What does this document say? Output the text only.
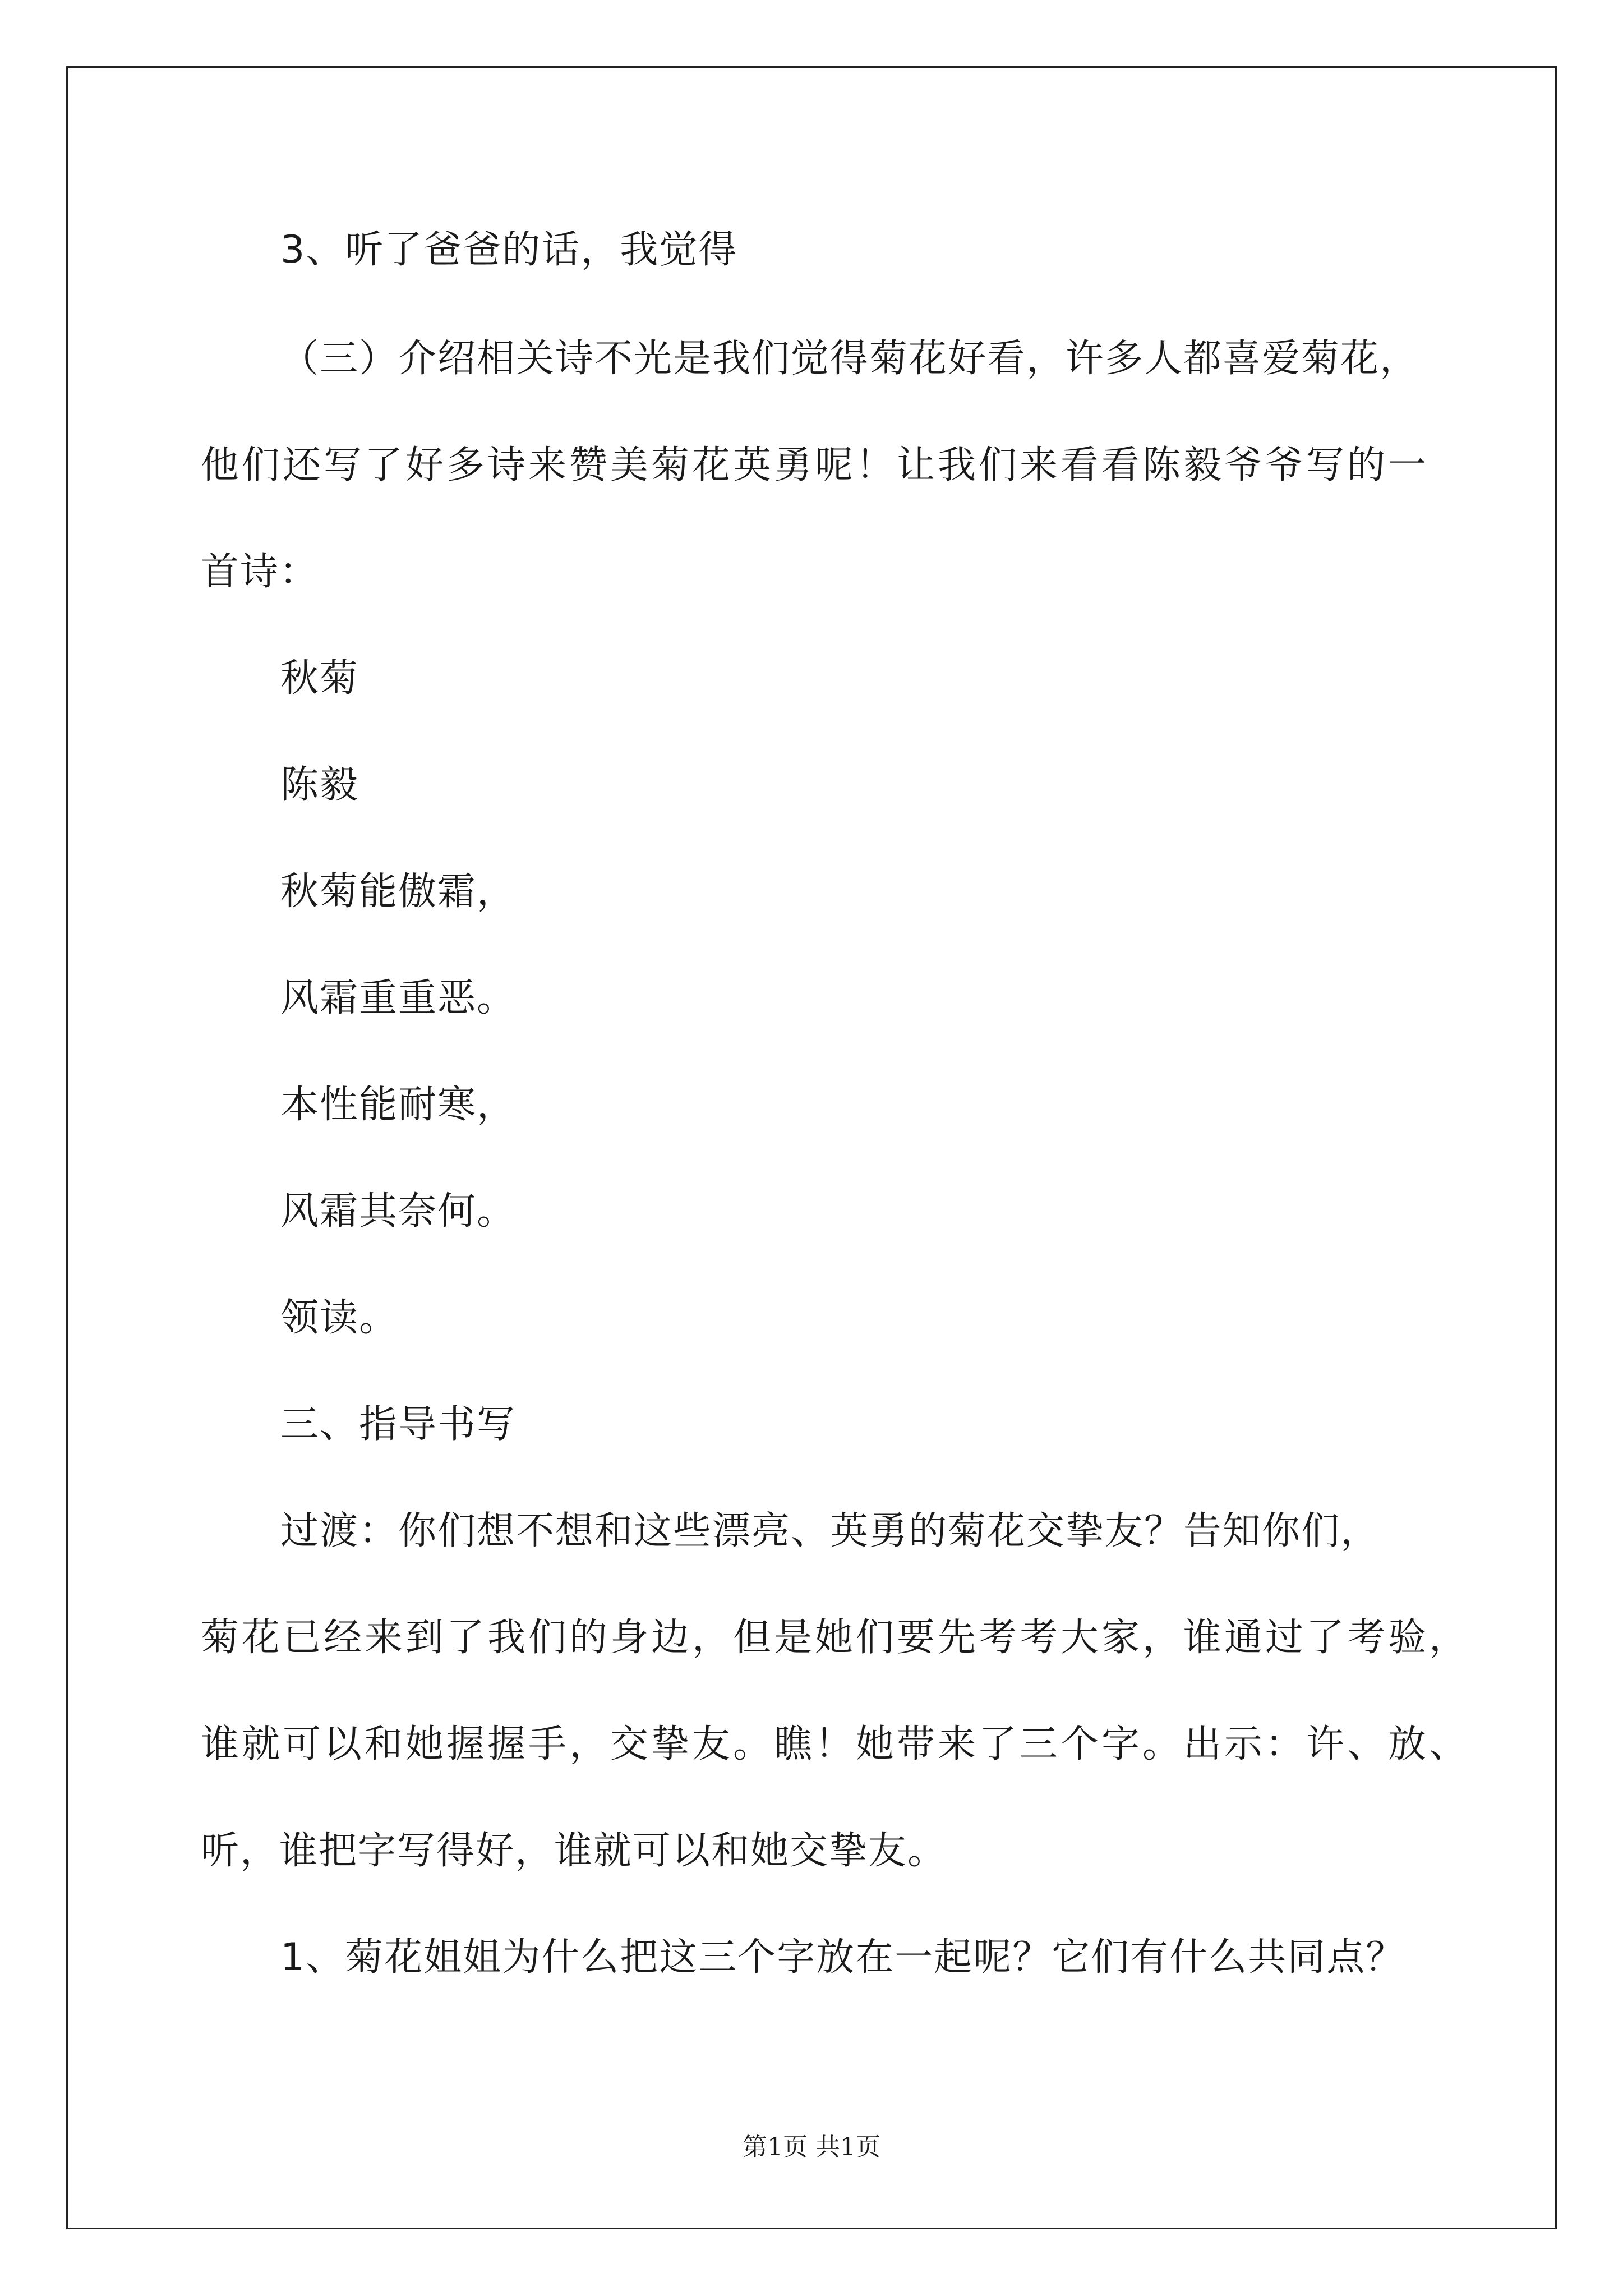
3、听了爸爸的话，我觉得
（三）介绍相关诗不光是我们觉得菊花好看，许多人都喜爱菊花，
他们还写了好多诗来赞美菊花英勇呢！让我们来看看陈毅爷爷写的一
首诗：
秋菊
陈毅
秋菊能傲霜，
风霜重重恶。
本性能耐寒，
风霜其奈何。
领读。
三、指导书写
过渡：你们想不想和这些漂亮、英勇的菊花交挚友？告知你们，
菊花已经来到了我们的身边，但是她们要先考考大家，谁通过了考验，
谁就可以和她握握手，交挚友。瞧！她带来了三个字。出示：许、放、
听，谁把字写得好，谁就可以和她交挚友。
1、菊花姐姐为什么把这三个字放在一起呢？它们有什么共同点？
第1页 共1页
